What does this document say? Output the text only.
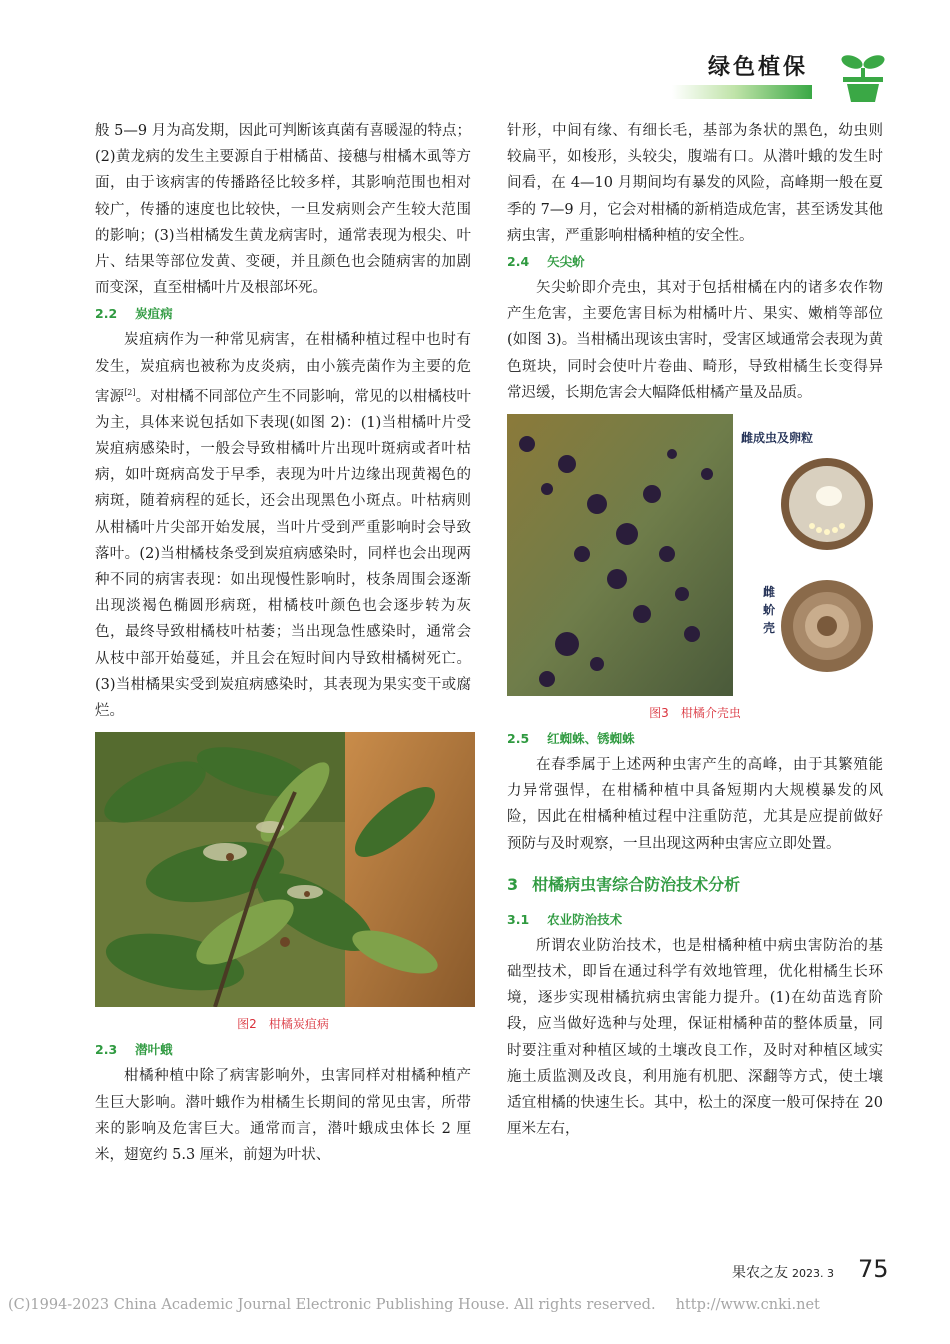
绿色植保

般 5—9 月为高发期，因此可判断该真菌有喜暖湿的特点；(2)黄龙病的发生主要源自于柑橘苗、接穗与柑橘木虱等方面，由于该病害的传播路径比较多样，其影响范围也相对较广，传播的速度也比较快，一旦发病则会产生较大范围的影响；(3)当柑橘发生黄龙病害时，通常表现为根尖、叶片、结果等部位发黄、变硬，并且颜色也会随病害的加剧而变深，直至柑橘叶片及根部坏死。

2.2 炭疽病

炭疽病作为一种常见病害，在柑橘种植过程中也时有发生，炭疽病也被称为皮炎病，由小簇壳菌作为主要的危害源[2]。对柑橘不同部位产生不同影响，常见的以柑橘枝叶为主，具体来说包括如下表现(如图 2)：(1)当柑橘叶片受炭疽病感染时，一般会导致柑橘叶片出现叶斑病或者叶枯病，如叶斑病高发于早季，表现为叶片边缘出现黄褐色的病斑，随着病程的延长，还会出现黑色小斑点。叶枯病则从柑橘叶片尖部开始发展，当叶片受到严重影响时会导致落叶。(2)当柑橘枝条受到炭疽病感染时，同样也会出现两种不同的病害表现：如出现慢性影响时，枝条周围会逐渐出现淡褐色椭圆形病斑，柑橘枝叶颜色也会逐步转为灰色，最终导致柑橘枝叶枯萎；当出现急性感染时，通常会从枝中部开始蔓延，并且会在短时间内导致柑橘树死亡。(3)当柑橘果实受到炭疽病感染时，其表现为果实变干或腐烂。

图2 柑橘炭疽病
2.3 潜叶蛾

柑橘种植中除了病害影响外，虫害同样对柑橘种植产生巨大影响。潜叶蛾作为柑橘生长期间的常见虫害，所带来的影响及危害巨大。通常而言，潜叶蛾成虫体长 2 厘米，翅宽约 5.3 厘米，前翅为叶状、

针形，中间有缘、有细长毛，基部为条状的黑色，幼虫则较扁平，如梭形，头较尖，腹端有口。从潜叶蛾的发生时间看，在 4—10 月期间均有暴发的风险，高峰期一般在夏季的 7—9 月，它会对柑橘的新梢造成危害，甚至诱发其他病虫害，严重影响柑橘种植的安全性。

2.4 矢尖蚧

矢尖蚧即介壳虫，其对于包括柑橘在内的诸多农作物产生危害，主要危害目标为柑橘叶片、果实、嫩梢等部位(如图 3)。当柑橘出现该虫害时，受害区域通常会表现为黄色斑块，同时会使叶片卷曲、畸形，导致柑橘生长变得异常迟缓，长期危害会大幅降低柑橘产量及品质。

雌成虫及卵粒
雌
蚧
壳
图3 柑橘介壳虫
2.5 红蜘蛛、锈蜘蛛

在春季属于上述两种虫害产生的高峰，由于其繁殖能力异常强悍，在柑橘种植中具备短期内大规模暴发的风险，因此在柑橘种植过程中注重防范，尤其是应提前做好预防与及时观察，一旦出现这两种虫害应立即处置。

3 柑橘病虫害综合防治技术分析
3.1 农业防治技术

所谓农业防治技术，也是柑橘种植中病虫害防治的基础型技术，即旨在通过科学有效地管理，优化柑橘生长环境，逐步实现柑橘抗病虫害能力提升。(1)在幼苗选育阶段，应当做好选种与处理，保证柑橘种苗的整体质量，同时要注重对种植区域的土壤改良工作，及时对种植区域实施土质监测及改良，利用施有机肥、深翻等方式，使土壤适宜柑橘的快速生长。其中，松土的深度一般可保持在 20 厘米左右，

果农之友 2023. 3 75
(C)1994-2023 China Academic Journal Electronic Publishing House. All rights reserved. http://www.cnki.net
